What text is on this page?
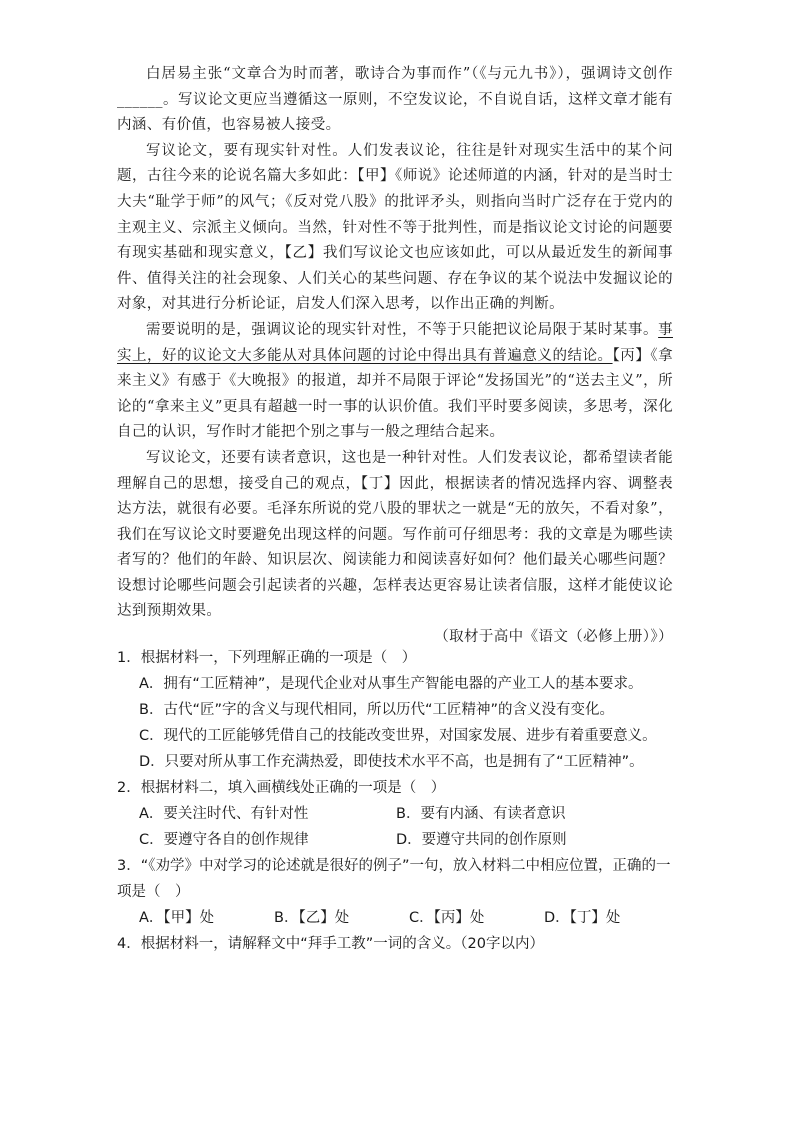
白居易主张“文章合为时而著，歌诗合为事而作”（《与元九书》），强调诗文创作______。写议论文更应当遵循这一原则，不空发议论，不自说自话，这样文章才能有内涵、有价值，也容易被人接受。

写议论文，要有现实针对性。人们发表议论，往往是针对现实生活中的某个问题，古往今来的论说名篇大多如此：【甲】《师说》论述师道的内涵，针对的是当时士大夫“耻学于师”的风气；《反对党八股》的批评矛头，则指向当时广泛存在于党内的主观主义、宗派主义倾向。当然，针对性不等于批判性，而是指议论文讨论的问题要有现实基础和现实意义，【乙】我们写议论文也应该如此，可以从最近发生的新闻事件、值得关注的社会现象、人们关心的某些问题、存在争议的某个说法中发掘议论的对象，对其进行分析论证，启发人们深入思考，以作出正确的判断。

需要说明的是，强调议论的现实针对性，不等于只能把议论局限于某时某事。事实上，好的议论文大多能从对具体问题的讨论中得出具有普遍意义的结论。【丙】《拿来主义》有感于《大晚报》的报道，却并不局限于评论“发扬国光”的“送去主义”，所论的“拿来主义”更具有超越一时一事的认识价值。我们平时要多阅读，多思考，深化自己的认识，写作时才能把个别之事与一般之理结合起来。

写议论文，还要有读者意识，这也是一种针对性。人们发表议论，都希望读者能理解自己的思想，接受自己的观点，【丁】因此，根据读者的情况选择内容、调整表达方法，就很有必要。毛泽东所说的党八股的罪状之一就是“无的放矢，不看对象”，我们在写议论文时要避免出现这样的问题。写作前可仔细思考：我的文章是为哪些读者写的？他们的年龄、知识层次、阅读能力和阅读喜好如何？他们最关心哪些问题？设想讨论哪些问题会引起读者的兴趣，怎样表达更容易让读者信服，这样才能使议论达到预期效果。

（取材于高中《语文（必修上册）》）

1．根据材料一，下列理解正确的一项是（　）

A．拥有“工匠精神”，是现代企业对从事生产智能电器的产业工人的基本要求。

B．古代“匠”字的含义与现代相同，所以历代“工匠精神”的含义没有变化。

C．现代的工匠能够凭借自己的技能改变世界，对国家发展、进步有着重要意义。

D．只要对所从事工作充满热爱，即使技术水平不高，也是拥有了“工匠精神”。

2．根据材料二，填入画横线处正确的一项是（　）

A．要关注时代、有针对性	B．要有内涵、有读者意识
C．要遵守各自的创作规律	D．要遵守共同的创作原则

3．“《劝学》中对学习的论述就是很好的例子”一句，放入材料二中相应位置，正确的一项是（　）

A．【甲】处	B．【乙】处	C．【丙】处	D．【丁】处

4．根据材料一，请解释文中“拜手工教”一词的含义。（20字以内）
